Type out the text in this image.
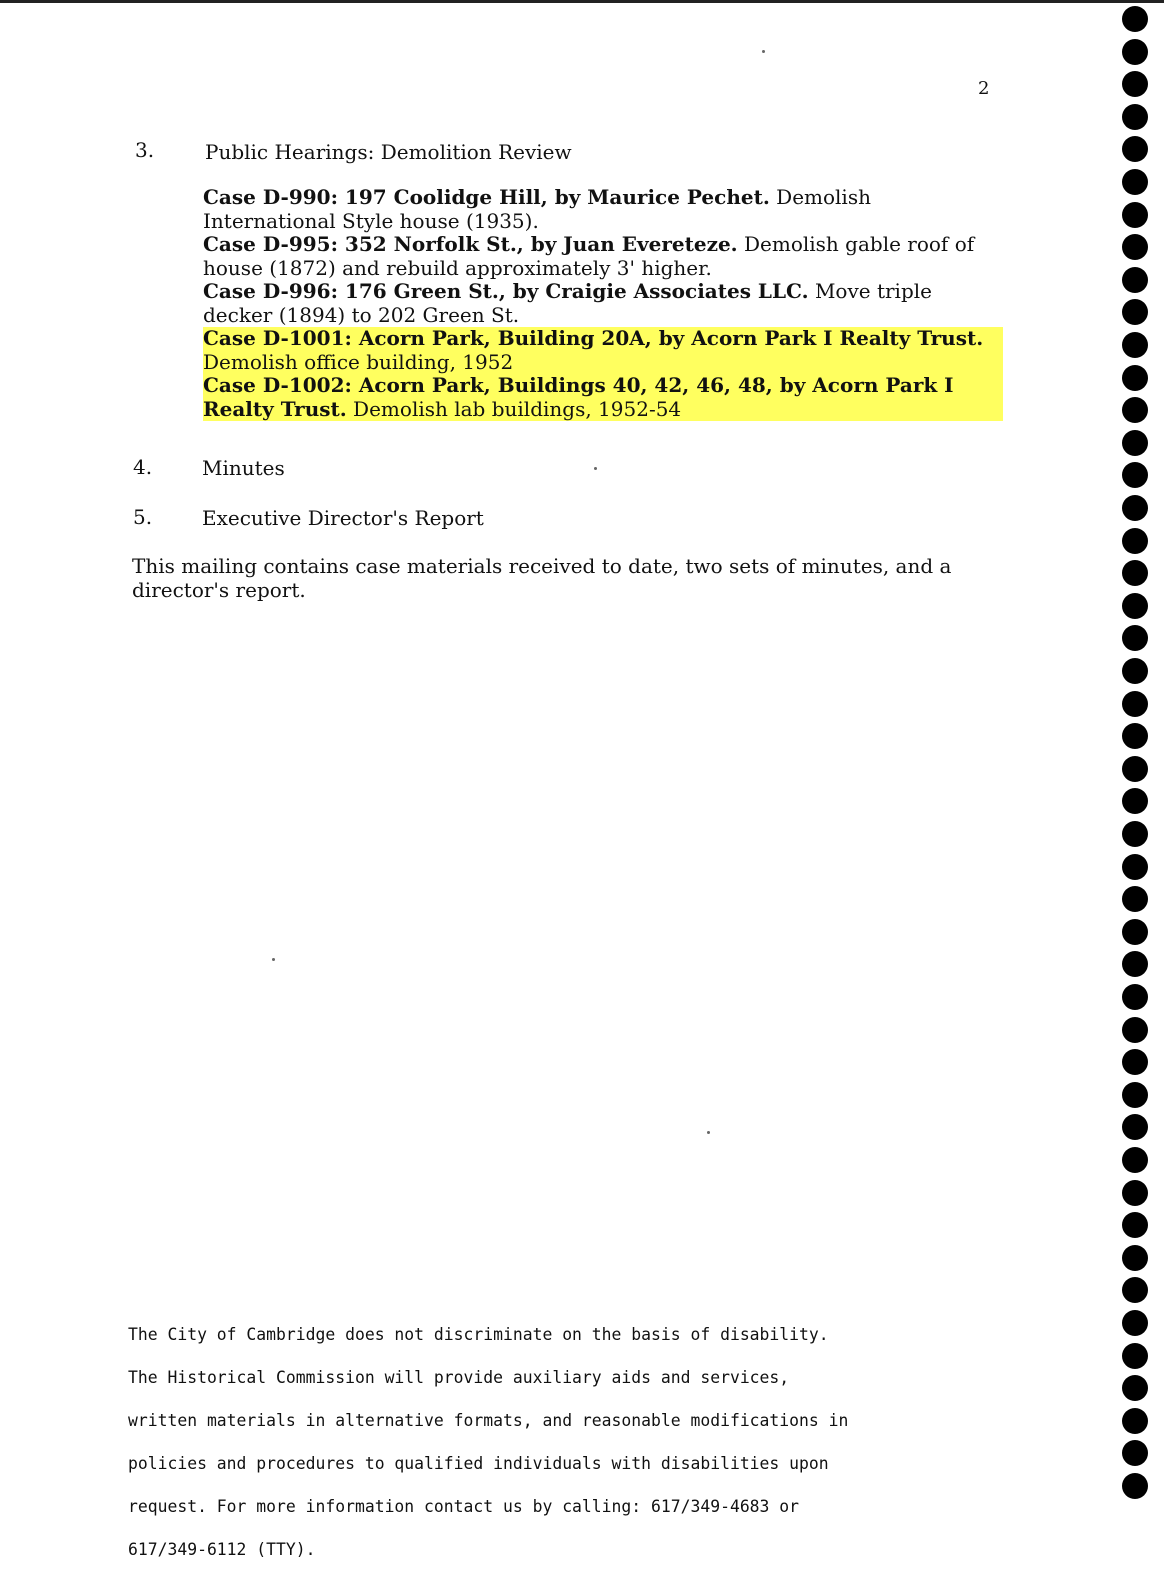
2
3.	Public Hearings: Demolition Review

Case D-990: 197 Coolidge Hill, by Maurice Pechet. Demolish International Style house (1935).

Case D-995: 352 Norfolk St., by Juan Evereteze. Demolish gable roof of house (1872) and rebuild approximately 3' higher.

Case D-996: 176 Green St., by Craigie Associates LLC. Move triple decker (1894) to 202 Green St.

Case D-1001: Acorn Park, Building 20A, by Acorn Park I Realty Trust. Demolish office building, 1952

Case D-1002: Acorn Park, Buildings 40, 42, 46, 48, by Acorn Park I Realty Trust. Demolish lab buildings, 1952-54

4. Minutes
5. Executive Director's Report
This mailing contains case materials received to date, two sets of minutes, and a director's report.

The City of Cambridge does not discriminate on the basis of disability.

The Historical Commission will provide auxiliary aids and services,

written materials in alternative formats, and reasonable modifications in

policies and procedures to qualified individuals with disabilities upon

request. For more information contact us by calling: 617/349-4683 or

617/349-6112 (TTY).
